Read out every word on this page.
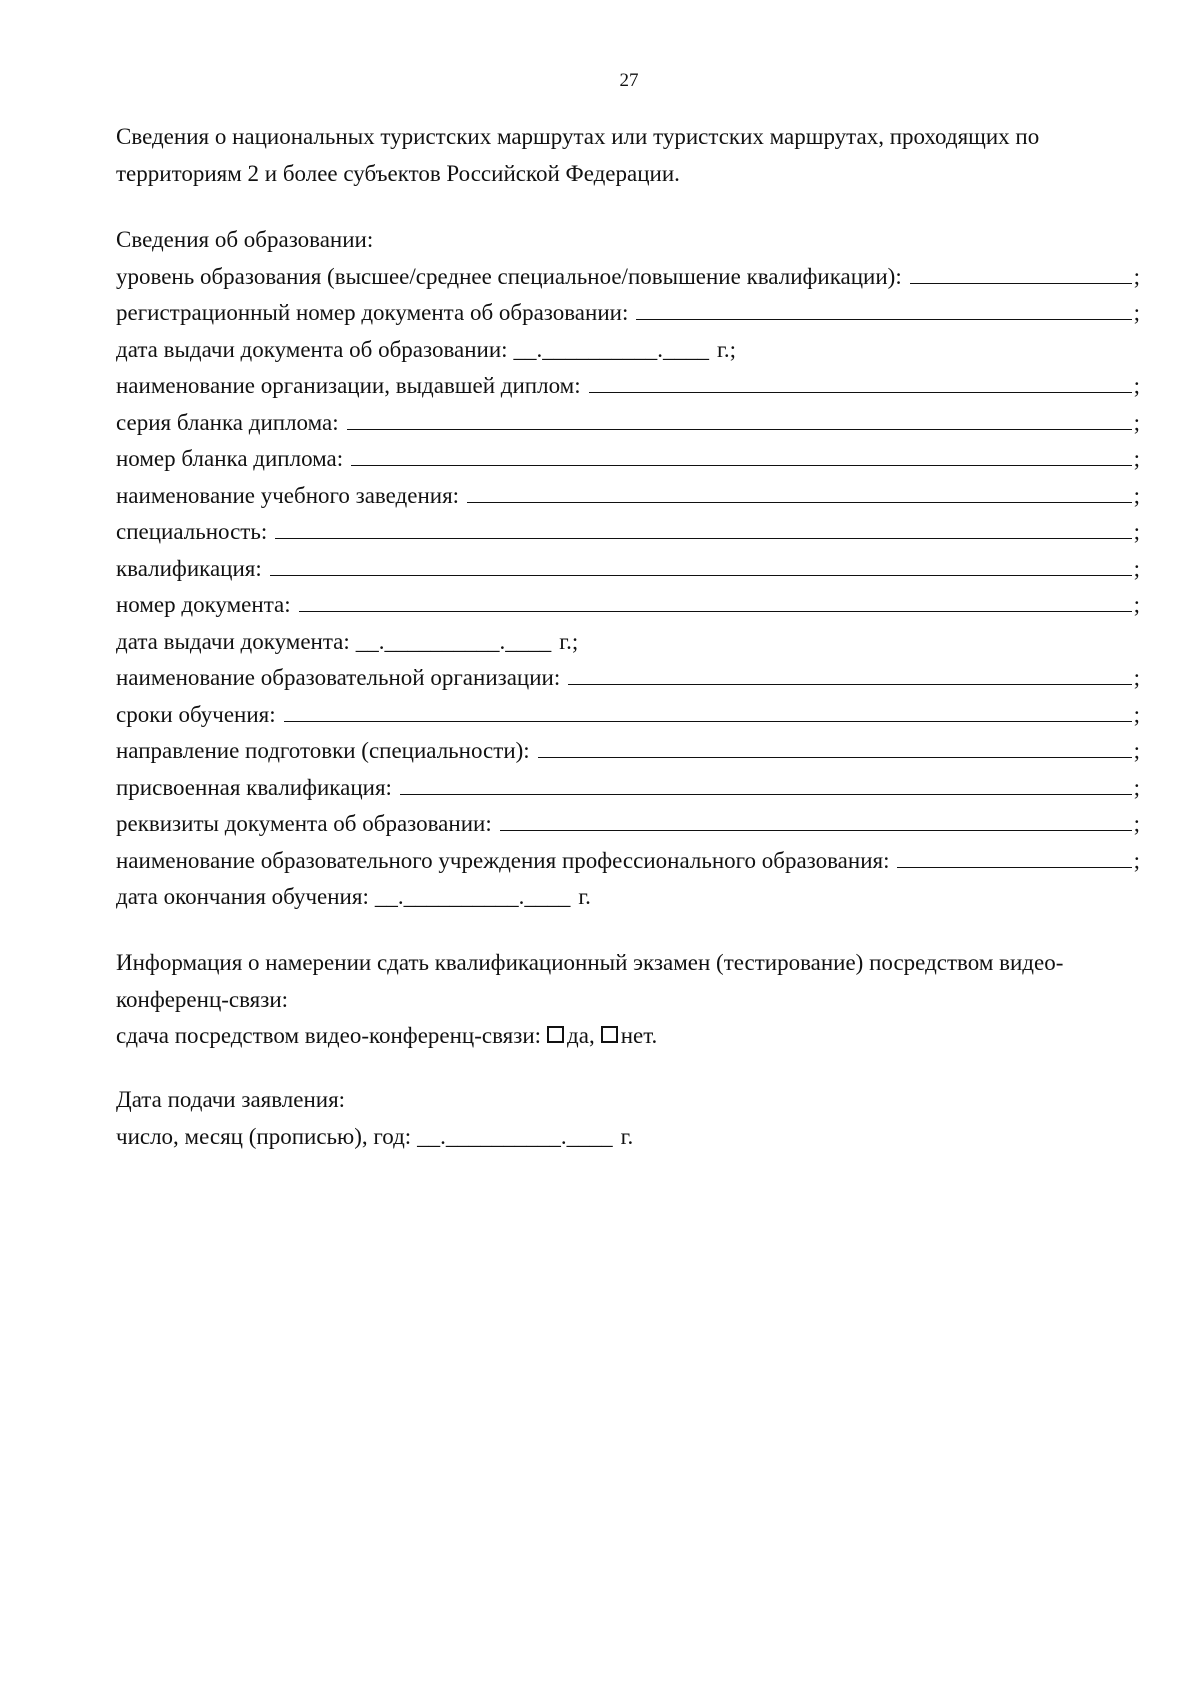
27

Сведения о национальных туристских маршрутах или туристских маршрутах, проходящих по территориям 2 и более субъектов Российской Федерации.

Сведения об образовании:
уровень образования (высшее/среднее специальное/повышение квалификации):	;
регистрационный номер документа об образовании:	;
дата выдачи документа об образовании: __.__________.____ г.;
наименование организации, выдавшей диплом:	;
серия бланка диплома:	;
номер бланка диплома:	;
наименование учебного заведения:	;
специальность:	;
квалификация:	;
номер документа:	;
дата выдачи документа: __.__________.____ г.;
наименование образовательной организации:	;
сроки обучения:	;
направление подготовки (специальности):	;
присвоенная квалификация:	;
реквизиты документа об образовании:	;
наименование образовательного учреждения профессионального образования:	;
дата окончания обучения: __.__________.____ г.

Информация о намерении сдать квалификационный экзамен (тестирование) посредством видео-конференц-связи:

сдача посредством видео-конференц-связи: да, нет.
Дата подачи заявления:
число, месяц (прописью), год: __.__________.____ г.
